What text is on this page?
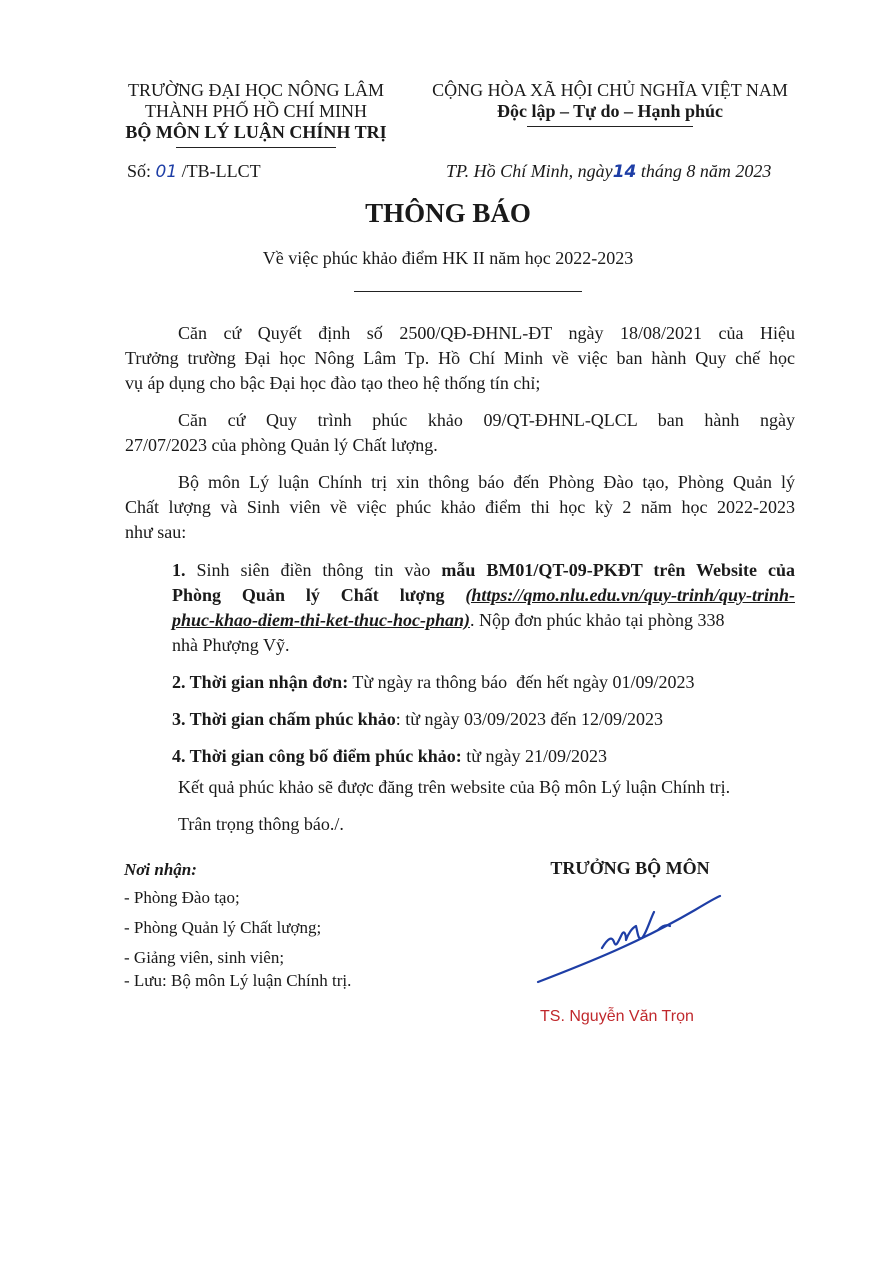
TRƯỜNG ĐẠI HỌC NÔNG LÂM
THÀNH PHỐ HỒ CHÍ MINH
BỘ MÔN LÝ LUẬN CHÍNH TRỊ
CỘNG HÒA XÃ HỘI CHỦ NGHĨA VIỆT NAM
Độc lập – Tự do – Hạnh phúc
Số: 01 /TB-LLCT	TP. Hồ Chí Minh, ngày14 tháng 8 năm 2023
THÔNG BÁO
Về việc phúc khảo điểm HK II năm học 2022-2023
Căn cứ Quyết định số 2500/QĐ-ĐHNL-ĐT ngày 18/08/2021 của Hiệu
Trưởng trường Đại học Nông Lâm Tp. Hồ Chí Minh về việc ban hành Quy chế học
vụ áp dụng cho bậc Đại học đào tạo theo hệ thống tín chỉ;
Căn cứ Quy trình phúc khảo 09/QT-ĐHNL-QLCL ban hành ngày
27/07/2023 của phòng Quản lý Chất lượng.
Bộ môn Lý luận Chính trị xin thông báo đến Phòng Đào tạo, Phòng Quản lý
Chất lượng và Sinh viên về việc phúc khảo điểm thi học kỳ 2 năm học 2022-2023
như sau:
1. Sinh siên điền thông tin vào mẫu BM01/QT-09-PKĐT trên Website của
Phòng Quản lý Chất lượng (https://qmo.nlu.edu.vn/quy-trinh/quy-trinh-
phuc-khao-diem-thi-ket-thuc-hoc-phan). Nộp đơn phúc khảo tại phòng 338
nhà Phượng Vỹ.
2. Thời gian nhận đơn: Từ ngày ra thông báo  đến hết ngày 01/09/2023
3. Thời gian chấm phúc khảo: từ ngày 03/09/2023 đến 12/09/2023
4. Thời gian công bố điểm phúc khảo: từ ngày 21/09/2023
Kết quả phúc khảo sẽ được đăng trên website của Bộ môn Lý luận Chính trị.
Trân trọng thông báo./.
Nơi nhận:
- Phòng Đào tạo;
- Phòng Quản lý Chất lượng;
- Giảng viên, sinh viên;
- Lưu: Bộ môn Lý luận Chính trị.
TRƯỞNG BỘ MÔN
TS. Nguyễn Văn Trọn
